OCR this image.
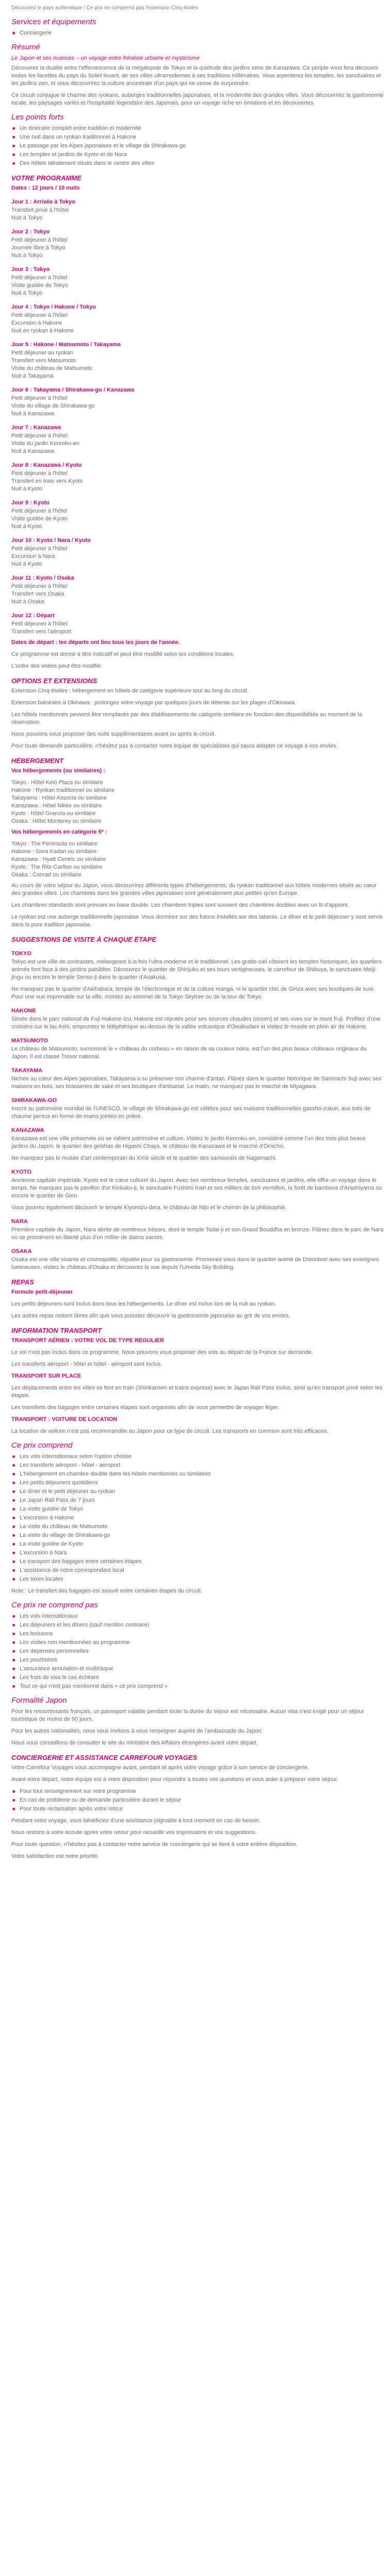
Découvrez le pays authentique ! Ce prix ne comprend pas l'extension Cinq étoiles

Services et équipements
■ Conciergerie
Résumé

Le Japon et ses nuances – un voyage entre frénésie urbaine et mysticisme

Découvrez la dualité entre l'effervescence de la mégalopole de Tokyo et la quiétude des jardins zens de Kanazawa. Ce périple vous fera découvrir toutes les facettes du pays du Soleil levant, de ses villes ultramodernes à ses traditions millénaires. Vous arpenterez les temples, les sanctuaires et les jardins zen, et vous découvrirez la culture ancestrale d'un pays qui ne cesse de surprendre.

Ce circuit conjugue le charme des ryokans, auberges traditionnelles japonaises, et la modernité des grandes villes. Vous découvrirez la gastronomie locale, les paysages variés et l'hospitalité légendaire des Japonais, pour un voyage riche en émotions et en découvertes.

Les points forts
■ Un itinéraire complet entre tradition et modernité
■ Une nuit dans un ryokan traditionnel à Hakone
■ Le passage par les Alpes japonaises et le village de Shirakawa-go
■ Les temples et jardins de Kyoto et de Nara
■ Des hôtels idéalement situés dans le centre des villes
VOTRE PROGRAMME

Dates : 12 jours / 10 nuits

Jour 1 : Arrivée à Tokyo
Transfert privé à l'hôtel
Nuit à Tokyo
Jour 2 : Tokyo
Petit déjeuner à l'hôtel
Journée libre à Tokyo
Nuit à Tokyo
Jour 3 : Tokyo
Petit déjeuner à l'hôtel
Visite guidée de Tokyo
Nuit à Tokyo
Jour 4 : Tokyo / Hakone / Tokyo
Petit déjeuner à l'hôtel
Excursion à Hakone
Nuit en ryokan à Hakone
Jour 5 : Hakone / Matsumoto / Takayama
Petit déjeuner au ryokan
Transfert vers Matsumoto
Visite du château de Matsumoto
Nuit à Takayama
Jour 6 : Takayama / Shirakawa-go / Kanazawa
Petit déjeuner à l'hôtel
Visite du village de Shirakawa-go
Nuit à Kanazawa
Jour 7 : Kanazawa
Petit déjeuner à l'hôtel
Visite du jardin Kenroku-en
Nuit à Kanazawa
Jour 8 : Kanazawa / Kyoto
Petit déjeuner à l'hôtel
Transfert en train vers Kyoto
Nuit à Kyoto
Jour 9 : Kyoto
Petit déjeuner à l'hôtel
Visite guidée de Kyoto
Nuit à Kyoto
Jour 10 : Kyoto / Nara / Kyoto
Petit déjeuner à l'hôtel
Excursion à Nara
Nuit à Kyoto
Jour 11 : Kyoto / Osaka
Petit déjeuner à l'hôtel
Transfert vers Osaka
Nuit à Osaka
Jour 12 : Départ
Petit déjeuner à l'hôtel
Transfert vers l'aéroport

Dates de départ : les départs ont lieu tous les jours de l'année.

Ce programme est donné à titre indicatif et peut être modifié selon les conditions locales.

L'ordre des visites peut être modifié.

OPTIONS ET EXTENSIONS

Extension Cinq étoiles : hébergement en hôtels de catégorie supérieure tout au long du circuit.

Extension balnéaire à Okinawa : prolongez votre voyage par quelques jours de détente sur les plages d'Okinawa.

Les hôtels mentionnés peuvent être remplacés par des établissements de catégorie similaire en fonction des disponibilités au moment de la réservation.

Nous pouvons vous proposer des nuits supplémentaires avant ou après le circuit.

Pour toute demande particulière, n'hésitez pas à contacter notre équipe de spécialistes qui saura adapter ce voyage à vos envies.

HÉBERGEMENT

Vos hébergements (ou similaires) :

Tokyo : Hôtel Keio Plaza ou similaire
Hakone : Ryokan traditionnel ou similaire
Takayama : Hôtel Associa ou similaire
Kanazawa : Hôtel Nikko ou similaire
Kyoto : Hôtel Granvia ou similaire
Osaka : Hôtel Monterey ou similaire

Vos hébergements en catégorie 5* :

Tokyo : The Peninsula ou similaire
Hakone : Gora Kadan ou similaire
Kanazawa : Hyatt Centric ou similaire
Kyoto : The Ritz-Carlton ou similaire
Osaka : Conrad ou similaire

Au cours de votre séjour au Japon, vous découvrirez différents types d'hébergements, du ryokan traditionnel aux hôtels modernes situés au cœur des grandes villes. Les chambres dans les grandes villes japonaises sont généralement plus petites qu'en Europe.

Les chambres standards sont prévues en base double. Les chambres triples sont souvent des chambres doubles avec un lit d'appoint.

Le ryokan est une auberge traditionnelle japonaise. Vous dormirez sur des futons installés sur des tatamis. Le dîner et le petit déjeuner y sont servis dans la pure tradition japonaise.

SUGGESTIONS DE VISITE À CHAQUE ÉTAPE
TOKYO

Tokyo est une ville de contrastes, mélangeant à la fois l'ultra-moderne et le traditionnel. Les gratte-ciel côtoient les temples historiques, les quartiers animés font face à des jardins paisibles. Découvrez le quartier de Shinjuku et ses tours vertigineuses, le carrefour de Shibuya, le sanctuaire Meiji-jingu ou encore le temple Senso-ji dans le quartier d'Asakusa.

Ne manquez pas le quartier d'Akihabara, temple de l'électronique et de la culture manga, ni le quartier chic de Ginza avec ses boutiques de luxe. Pour une vue imprenable sur la ville, montez au sommet de la Tokyo Skytree ou de la tour de Tokyo.

HAKONE

Située dans le parc national de Fuji-Hakone-Izu, Hakone est réputée pour ses sources chaudes (onsen) et ses vues sur le mont Fuji. Profitez d'une croisière sur le lac Ashi, empruntez le téléphérique au-dessus de la vallée volcanique d'Owakudani et visitez le musée en plein air de Hakone.

MATSUMOTO

Le château de Matsumoto, surnommé le « château du corbeau » en raison de sa couleur noire, est l'un des plus beaux châteaux originaux du Japon. Il est classé Trésor national.

TAKAYAMA

Nichée au cœur des Alpes japonaises, Takayama a su préserver son charme d'antan. Flânez dans le quartier historique de Sanmachi Suji avec ses maisons en bois, ses brasseries de saké et ses boutiques d'artisanat. Le matin, ne manquez pas le marché de Miyagawa.

SHIRAKAWA-GO

Inscrit au patrimoine mondial de l'UNESCO, le village de Shirakawa-go est célèbre pour ses maisons traditionnelles gassho-zukuri, aux toits de chaume pentus en forme de mains jointes en prière.

KANAZAWA

Kanazawa est une ville préservée où se mêlent patrimoine et culture. Visitez le jardin Kenroku-en, considéré comme l'un des trois plus beaux jardins du Japon, le quartier des geishas de Higashi Chaya, le château de Kanazawa et le marché d'Omicho.

Ne manquez pas le musée d'art contemporain du XXIe siècle et le quartier des samouraïs de Nagamachi.

KYOTO

Ancienne capitale impériale, Kyoto est le cœur culturel du Japon. Avec ses nombreux temples, sanctuaires et jardins, elle offre un voyage dans le temps. Ne manquez pas le pavillon d'or Kinkaku-ji, le sanctuaire Fushimi Inari et ses milliers de torii vermillon, la forêt de bambous d'Arashiyama ou encore le quartier de Gion.

Vous pourrez également découvrir le temple Kiyomizu-dera, le château de Nijo et le chemin de la philosophie.

NARA

Première capitale du Japon, Nara abrite de nombreux trésors, dont le temple Todai-ji et son Grand Bouddha en bronze. Flânez dans le parc de Nara où se promènent en liberté plus d'un millier de daims sacrés.

OSAKA

Osaka est une ville vivante et cosmopolite, réputée pour sa gastronomie. Promenez-vous dans le quartier animé de Dotonbori avec ses enseignes lumineuses, visitez le château d'Osaka et découvrez la vue depuis l'Umeda Sky Building.

REPAS

Formule petit-déjeuner

Les petits déjeuners sont inclus dans tous les hébergements. Le dîner est inclus lors de la nuit au ryokan.

Les autres repas restent libres afin que vous puissiez découvrir la gastronomie japonaise au gré de vos envies.

INFORMATION TRANSPORT

TRANSPORT AÉRIEN : VOTRE VOL DE TYPE REGULIER

Le vol n'est pas inclus dans ce programme. Nous pouvons vous proposer des vols au départ de la France sur demande.

Les transferts aéroport - hôtel et hôtel - aéroport sont inclus.

TRANSPORT SUR PLACE

Les déplacements entre les villes se font en train (Shinkansen et trains express) avec le Japan Rail Pass inclus, ainsi qu'en transport privé selon les étapes.

Les transferts des bagages entre certaines étapes sont organisés afin de vous permettre de voyager léger.

TRANSPORT : VOITURE DE LOCATION

La location de voiture n'est pas recommandée au Japon pour ce type de circuit. Les transports en commun sont très efficaces.

Ce prix comprend
■ Les vols internationaux selon l'option choisie
■ Les transferts aéroport - hôtel - aéroport
■ L'hébergement en chambre double dans les hôtels mentionnés ou similaires
■ Les petits déjeuners quotidiens
■ Le dîner et le petit déjeuner au ryokan
■ Le Japan Rail Pass de 7 jours
■ La visite guidée de Tokyo
■ L'excursion à Hakone
■ La visite du château de Matsumoto
■ La visite du village de Shirakawa-go
■ La visite guidée de Kyoto
■ L'excursion à Nara
■ Le transport des bagages entre certaines étapes
■ L'assistance de notre correspondant local
■ Les taxes locales

Note : Le transfert des bagages est assuré entre certaines étapes du circuit.

Ce prix ne comprend pas
■ Les vols internationaux
■ Les déjeuners et les dîners (sauf mention contraire)
■ Les boissons
■ Les visites non mentionnées au programme
■ Les dépenses personnelles
■ Les pourboires
■ L'assurance annulation et multirisque
■ Les frais de visa le cas échéant
■ Tout ce qui n'est pas mentionné dans « ce prix comprend »
Formalité Japon

Pour les ressortissants français, un passeport valable pendant toute la durée du séjour est nécessaire. Aucun visa n'est exigé pour un séjour touristique de moins de 90 jours.

Pour les autres nationalités, nous vous invitons à vous renseigner auprès de l'ambassade du Japon.

Nous vous conseillons de consulter le site du ministère des Affaires étrangères avant votre départ.

CONCIERGERIE ET ASSISTANCE CARREFOUR VOYAGES

Votre Carrefour Voyages vous accompagne avant, pendant et après votre voyage grâce à son service de conciergerie.

Avant votre départ, notre équipe est à votre disposition pour répondre à toutes vos questions et vous aider à préparer votre séjour.

■ Pour tout renseignement sur votre programme
■ En cas de problème ou de demande particulière durant le séjour
■ Pour toute réclamation après votre retour

Pendant votre voyage, vous bénéficiez d'une assistance joignable à tout moment en cas de besoin.

Nous restons à votre écoute après votre retour pour recueillir vos impressions et vos suggestions.

Pour toute question, n'hésitez pas à contacter notre service de conciergerie qui se tient à votre entière disposition.

Votre satisfaction est notre priorité.
